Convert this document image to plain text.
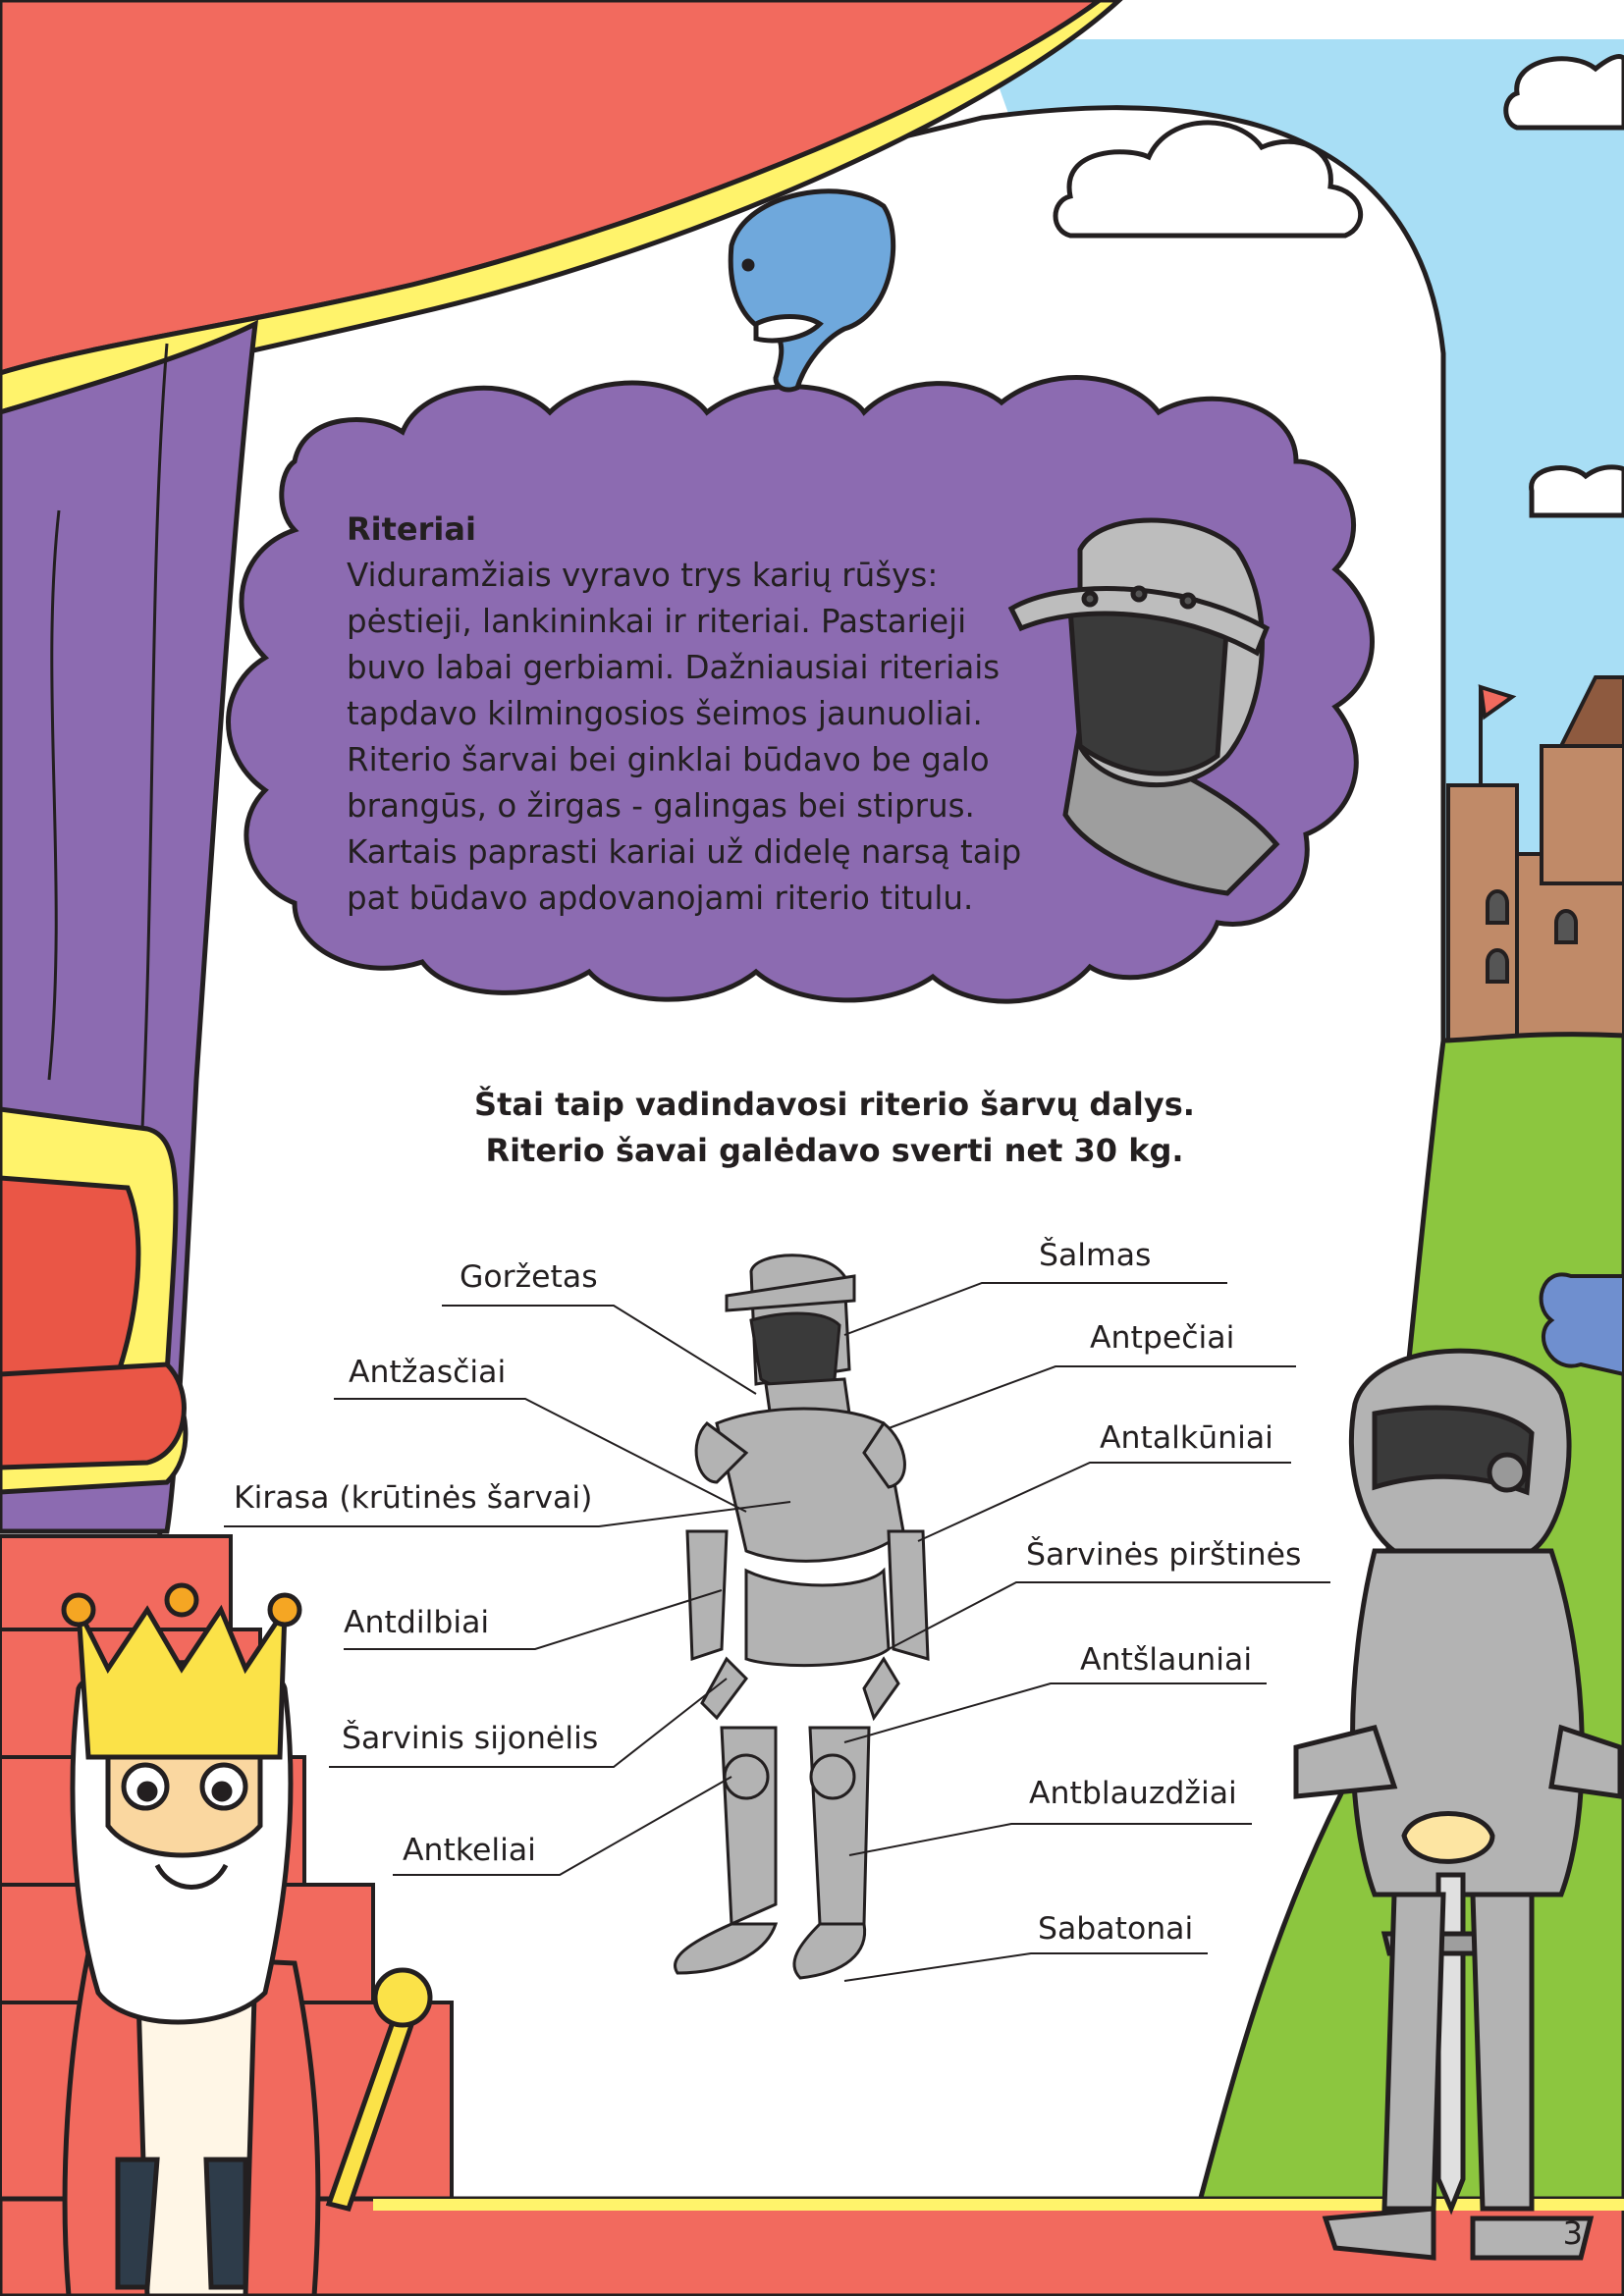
Riteriai
Viduramžiais vyravo trys karių rūšys: pėstieji, lankininkai ir riteriai. Pastarieji buvo labai gerbiami. Dažniausiai riteriais tapdavo kilmingosios šeimos jaunuoliai. Riterio šarvai bei ginklai būdavo be galo brangūs, o žirgas - galingas bei stiprus. Kartais paprasti kariai už didelę narsą taip pat būdavo apdovanojami riterio titulu.
Štai taip vadindavosi riterio šarvų dalys.
Riterio šavai galėdavo sverti net 30 kg.
Goržetas
Antžasčiai
Kirasa (krūtinės šarvai)
Antdilbiai
Šarvinis sijonėlis
Antkeliai
Šalmas
Antpečiai
Antalkūniai
Šarvinės pirštinės
Antšlauniai
Antblauzdžiai
Sabatonai
3
